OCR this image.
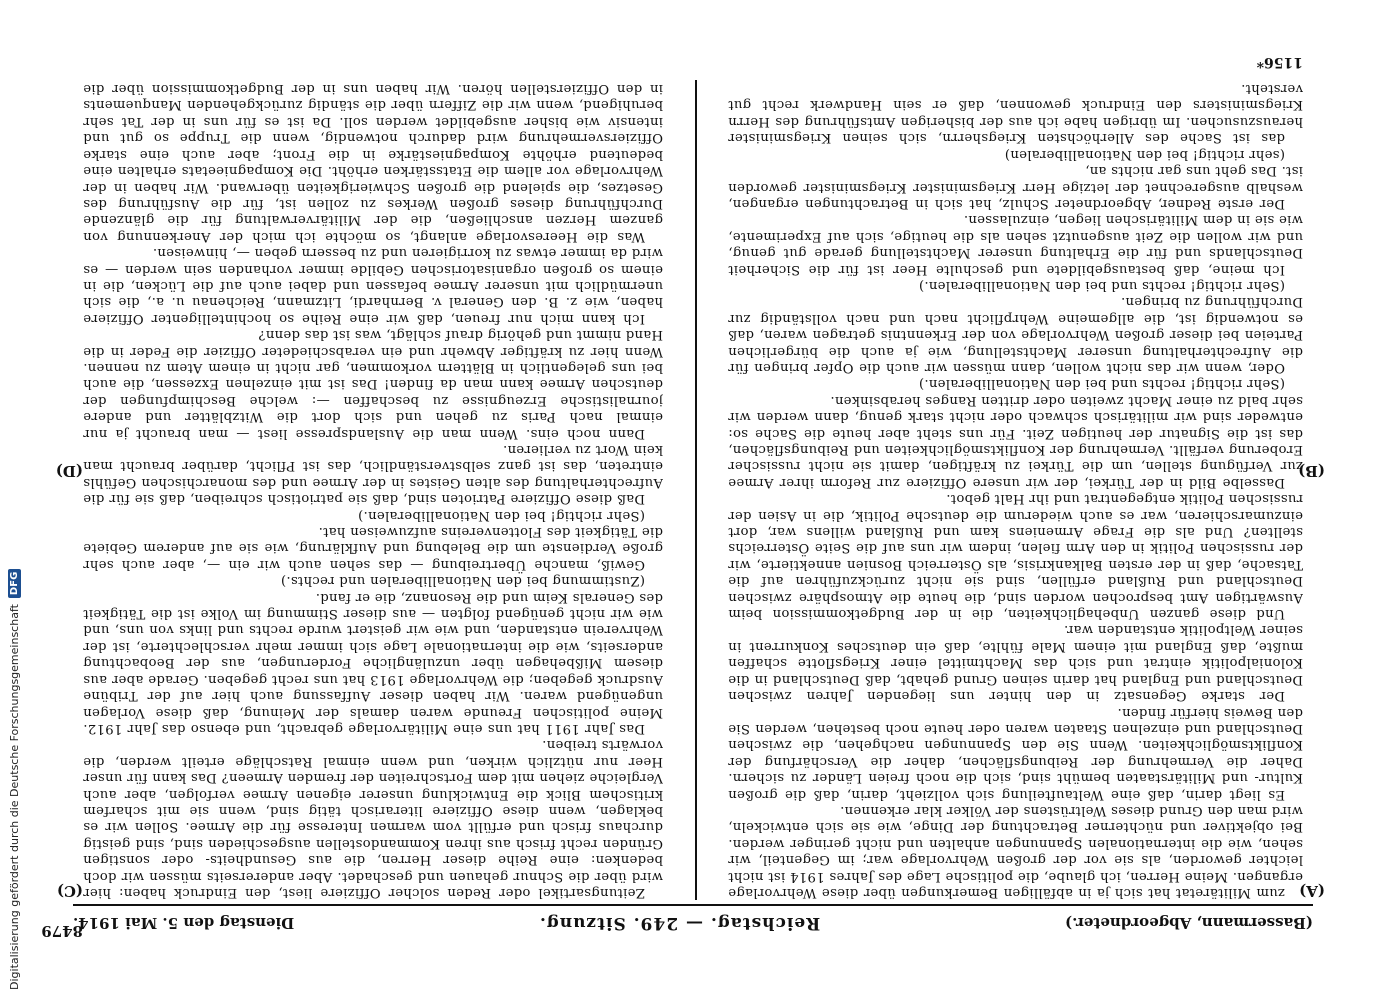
(Bassermann, Abgeordneter.)
Reichstag. — 249. Sitzung.
Dienstag den 5. Mai 1914.
(A)
(B)
(C)
(D)

zum Militäretat hat sich ja in abfälligen Bemerkungen über diese Wehrvorlage ergangen. Meine Herren, ich glaube, die politische Lage des Jahres 1914 ist nicht leichter geworden, als sie vor der großen Wehrvorlage war; im Gegenteil, wir sehen, wie die internationalen Spannungen anhalten und nicht geringer werden. Bei objektiver und nüchterner Betrachtung der Dinge, wie sie sich entwickeln, wird man den Grund dieses Weltrüstens der Völker klar erkennen.

Es liegt darin, daß eine Weltaufteilung sich vollzieht, darin, daß die großen Kultur- und Militärstaaten bemüht sind, sich die noch freien Länder zu sichern. Daher die Vermehrung der Reibungsflächen, daher die Verschärfung der Konfliktsmöglichkeiten. Wenn Sie den Spannungen nachgehen, die zwischen Deutschland und einzelnen Staaten waren oder heute noch bestehen, werden Sie den Beweis hierfür finden.

Der starke Gegensatz in den hinter uns liegenden Jahren zwischen Deutschland und England hat darin seinen Grund gehabt, daß Deutschland in die Kolonialpolitik eintrat und sich das Machtmittel einer Kriegsflotte schaffen mußte, daß England mit einem Male fühlte, daß ein deutsches Konkurrent in seiner Weltpolitik entstanden war.

Und diese ganzen Unbehaglichkeiten, die in der Budgetkommission beim Auswärtigen Amt besprochen worden sind, die heute die Atmosphäre zwischen Deutschland und Rußland erfüllen, sind sie nicht zurückzuführen auf die Tatsache, daß in der ersten Balkankrisis, als Österreich Bosnien annektierte, wir der russischen Politik in den Arm fielen, indem wir uns auf die Seite Österreichs stellten? Und als die Frage Armeniens kam und Rußland willens war, dort einzumarschieren, war es auch wiederum die deutsche Politik, die in Asien der russischen Politik entgegentrat und ihr Halt gebot.

Dasselbe Bild in der Türkei, der wir unsere Offiziere zur Reform ihrer Armee zur Verfügung stellen, um die Türkei zu kräftigen, damit sie nicht russischer Eroberung verfällt. Vermehrung der Konfliktsmöglichkeiten und Reibungsflächen, das ist die Signatur der heutigen Zeit. Für uns steht aber heute die Sache so: entweder sind wir militärisch schwach oder nicht stark genug, dann werden wir sehr bald zu einer Macht zweiten oder dritten Ranges herabsinken.

(Sehr richtig! rechts und bei den Nationalliberalen.)

Oder, wenn wir das nicht wollen, dann müssen wir auch die Opfer bringen für die Aufrechterhaltung unserer Machtstellung, wie ja auch die bürgerlichen Parteien bei dieser großen Wehrvorlage von der Erkenntnis getragen waren, daß es notwendig ist, die allgemeine Wehrpflicht nach und nach vollständig zur Durchführung zu bringen.

(Sehr richtig! rechts und bei den Nationalliberalen.)

Ich meine, daß bestausgebildete und geschulte Heer ist für die Sicherheit Deutschlands und für die Erhaltung unserer Machtstellung gerade gut genug, und wir wollen die Zeit ausgenutzt sehen als die heutige, sich auf Experimente, wie sie in dem Militärischen liegen, einzulassen.

Der erste Redner, Abgeordneter Schulz, hat sich in Betrachtungen ergangen, weshalb ausgerechnet der letzige Herr Kriegsminister Kriegsminister geworden ist. Das geht uns gar nichts an,

(sehr richtig! bei den Nationalliberalen)

das ist Sache des Allerhöchsten Kriegsherrn, sich seinen Kriegsminister herauszusuchen. Im übrigen habe ich aus der bisherigen Amtsführung des Herrn Kriegsministers den Eindruck gewonnen, daß er sein Handwerk recht gut versteht.

Zeitungsartikel oder Reden solcher Offiziere liest, den Eindruck haben: hier wird über die Schnur gehauen und geschadet. Aber andererseits müssen wir doch bedenken: eine Reihe dieser Herren, die aus Gesundheits- oder sonstigen Gründen recht frisch aus ihren Kommandostellen ausgeschieden sind, sind geistig durchaus frisch und erfüllt vom warmen Interesse für die Armee. Sollen wir es beklagen, wenn diese Offiziere literarisch tätig sind, wenn sie mit scharfem kritischem Blick die Entwicklung unserer eigenen Armee verfolgen, aber auch Vergleiche ziehen mit dem Fortschreiten der fremden Armeen? Das kann für unser Heer nur nützlich wirken, und wenn einmal Ratschläge erteilt werden, die vorwärts treiben.

Das Jahr 1911 hat uns eine Militärvorlage gebracht, und ebenso das Jahr 1912. Meine politischen Freunde waren damals der Meinung, daß diese Vorlagen ungenügend waren. Wir haben dieser Auffassung auch hier auf der Tribüne Ausdruck gegeben; die Wehrvorlage 1913 hat uns recht gegeben. Gerade aber aus diesem Mißbehagen über unzulängliche Forderungen, aus der Beobachtung anderseits, wie die internationale Lage sich immer mehr verschlechterte, ist der Wehrverein entstanden, und wie wir geistert wurde rechts und links von uns, und wie wir nicht genügend folgten — aus dieser Stimmung im Volke ist die Tätigkeit des Generals Keim und die Resonanz, die er fand.

(Zustimmung bei den Nationalliberalen und rechts.)

Gewiß, manche Übertreibung — das sehen auch wir ein —, aber auch sehr große Verdienste um die Belebung und Aufklärung, wie sie auf anderem Gebiete die Tätigkeit des Flottenvereins aufzuweisen hat.

(Sehr richtig! bei den Nationalliberalen.)

Daß diese Offiziere Patrioten sind, daß sie patriotisch schreiben, daß sie für die Aufrechterhaltung des alten Geistes in der Armee und des monarchischen Gefühls eintreten, das ist ganz selbstverständlich, das ist Pflicht, darüber braucht man kein Wort zu verlieren.

Dann noch eins. Wenn man die Auslandspresse liest — man braucht ja nur einmal nach Paris zu gehen und sich dort die Witzblätter und andere journalistische Erzeugnisse zu beschaffen —: welche Beschimpfungen der deutschen Armee kann man da finden! Das ist mit einzelnen Exzessen, die auch bei uns gelegentlich in Blättern vorkommen, gar nicht in einem Atem zu nennen. Wenn hier zu kräftiger Abwehr und ein verabschiedeter Offizier die Feder in die Hand nimmt und gehörig drauf schlägt, was ist das denn?

Ich kann mich nur freuen, daß wir eine Reihe so hochintelligenter Offiziere haben, wie z. B. den General v. Bernhardi, Litzmann, Reichenau u. a., die sich unermüdlich mit unserer Armee befassen und dabei auch auf die Lücken, die in einem so großen organisatorischen Gebilde immer vorhanden sein werden — es wird da immer etwas zu korrigieren und zu bessern geben —, hinweisen.

Was die Heeresvorlage anlangt, so möchte ich mich der Anerkennung von ganzem Herzen anschließen, die der Militärverwaltung für die glänzende Durchführung dieses großen Werkes zu zollen ist, für die Ausführung des Gesetzes, die spielend die großen Schwierigkeiten überwand. Wir haben in der Wehrvorlage vor allem die Etatsstärken erhöht. Die Kompagnieetats erhalten eine bedeutend erhöhte Kompagniestärke in die Front; aber auch eine starke Offiziersvermehrung wird dadurch notwendig, wenn die Truppe so gut und intensiv wie bisher ausgebildet werden soll. Da ist es für uns in der Tat sehr beruhigend, wenn wir die Ziffern über die ständig zurückgehenden Manquements in den Offizierstellen hören. Wir haben uns in der Budgetkommission über die

1156*
8479
Digitalisierung gefördert durch die Deutsche Forschungsgemeinschaft
DFG
